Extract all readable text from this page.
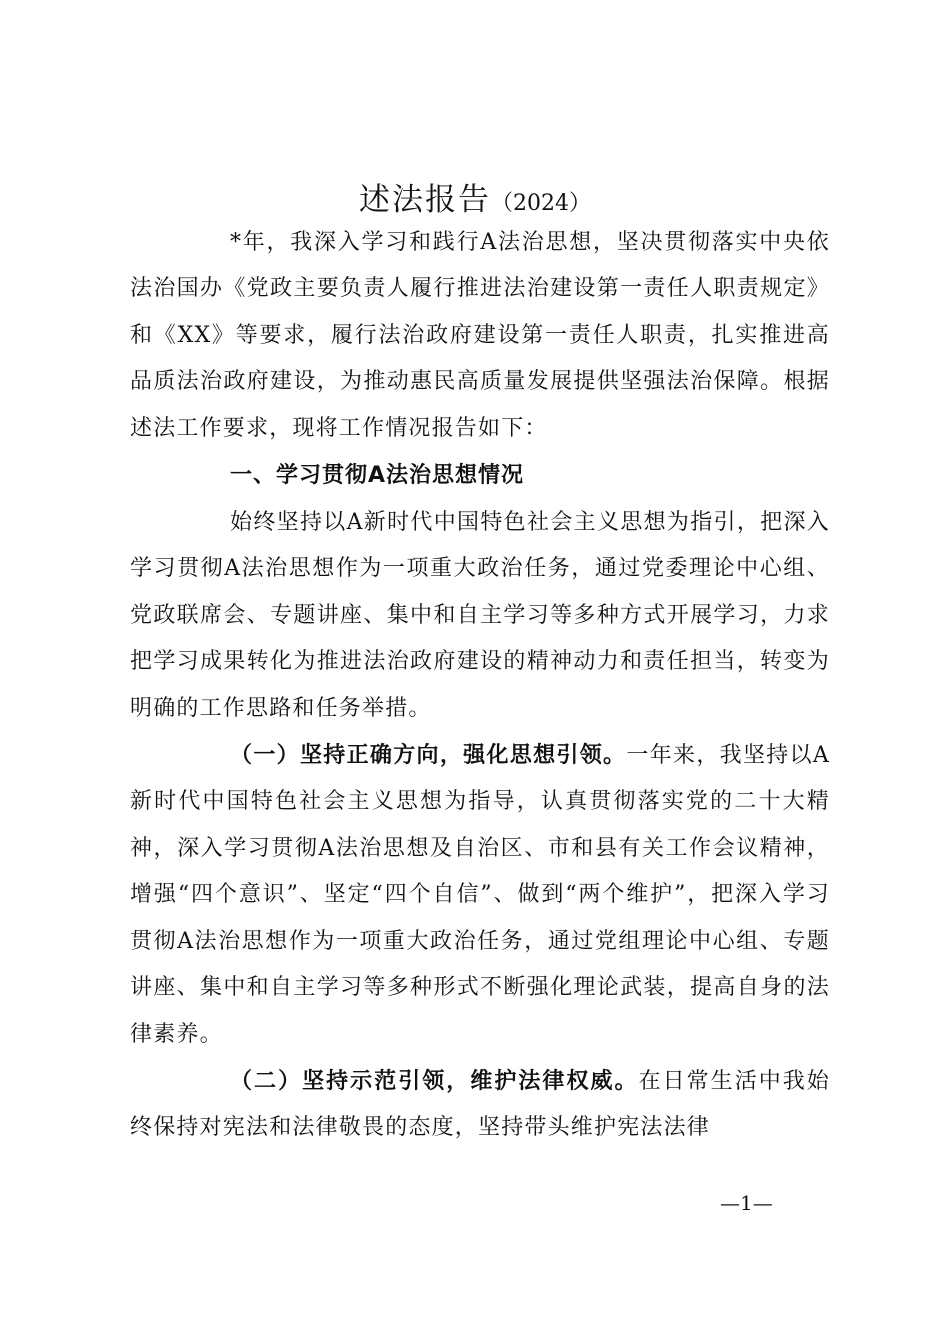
述法报告（2024）

*年，我深入学习和践行A法治思想，坚决贯彻落实中央依法治国办《党政主要负责人履行推进法治建设第一责任人职责规定》和《XX》等要求，履行法治政府建设第一责任人职责，扎实推进高品质法治政府建设，为推动惠民高质量发展提供坚强法治保障。根据述法工作要求，现将工作情况报告如下：

一、学习贯彻A法治思想情况

始终坚持以A新时代中国特色社会主义思想为指引，把深入学习贯彻A法治思想作为一项重大政治任务，通过党委理论中心组、党政联席会、专题讲座、集中和自主学习等多种方式开展学习，力求把学习成果转化为推进法治政府建设的精神动力和责任担当，转变为明确的工作思路和任务举措。

（一）坚持正确方向，强化思想引领。一年来，我坚持以A新时代中国特色社会主义思想为指导，认真贯彻落实党的二十大精神，深入学习贯彻A法治思想及自治区、市和县有关工作会议精神，增强“四个意识”、坚定“四个自信”、做到“两个维护”，把深入学习贯彻A法治思想作为一项重大政治任务，通过党组理论中心组、专题讲座、集中和自主学习等多种形式不断强化理论武装，提高自身的法律素养。

（二）坚持示范引领，维护法律权威。在日常生活中我始终保持对宪法和法律敬畏的态度，坚持带头维护宪法法律

—1—
